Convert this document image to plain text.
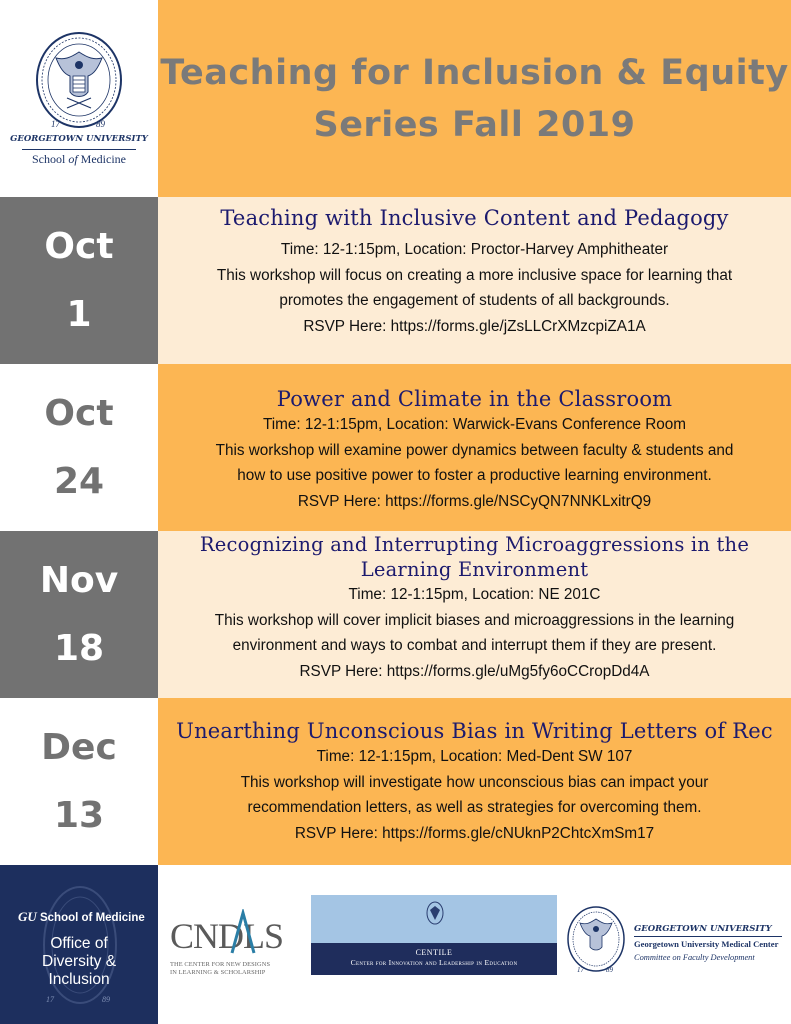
17	89
GEORGETOWN UNIVERSITY
School of Medicine
Teaching for Inclusion & Equity
Series Fall 2019
Oct
1
Teaching with Inclusive Content and Pedagogy
Time: 12-1:15pm, Location: Proctor-Harvey Amphitheater
This workshop will focus on creating a more inclusive space for learning that
promotes the engagement of students of all backgrounds.
RSVP Here: https://forms.gle/jZsLLCrXMzcpiZA1A
Oct
24
Power and Climate in the Classroom
Time: 12-1:15pm, Location: Warwick-Evans Conference Room
This workshop will examine power dynamics between faculty & students and
how to use positive power to foster a productive learning environment.
RSVP Here: https://forms.gle/NSCyQN7NNKLxitrQ9
Nov
18
Recognizing and Interrupting Microaggressions in the
Learning Environment
Time: 12-1:15pm, Location: NE 201C
This workshop will cover implicit biases and microaggressions in the learning
environment and ways to combat and interrupt them if they are present.
RSVP Here: https://forms.gle/uMg5fy6oCCropDd4A
Dec
13
Unearthing Unconscious Bias in Writing Letters of Rec
Time: 12-1:15pm, Location: Med-Dent SW 107
This workshop will investigate how unconscious bias can impact your
recommendation letters, as well as strategies for overcoming them.
RSVP Here: https://forms.gle/cNUknP2ChtcXmSm17
GU School of Medicine
Office of
Diversity &
Inclusion
17	89
CNDLS
THE CENTER FOR NEW DESIGNS
IN LEARNING & SCHOLARSHIP
CENTILE
Center for Innovation and Leadership in Education
17	89
GEORGETOWN UNIVERSITY
Georgetown University Medical Center
Committee on Faculty Development
